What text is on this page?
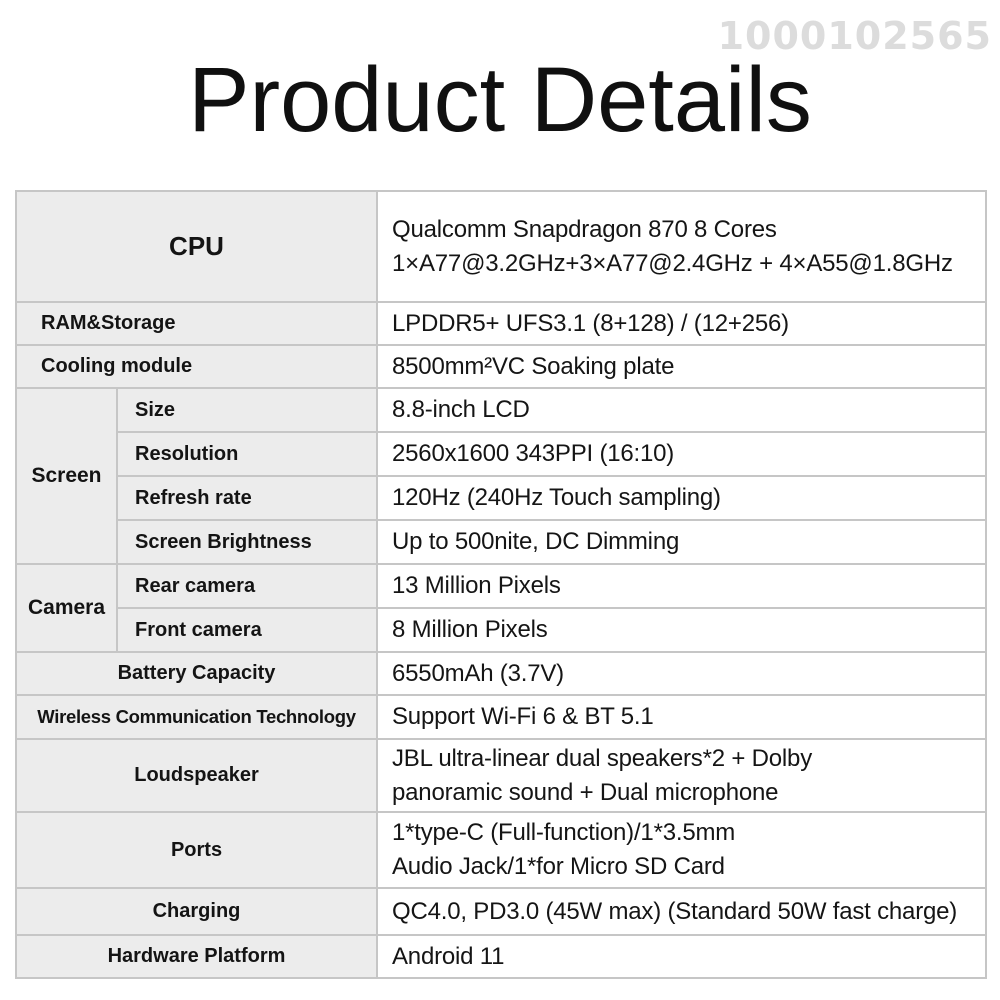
1000102565
Product Details
CPU		Qualcomm Snapdragon 870 8 Cores
1×A77@3.2GHz+3×A77@2.4GHz + 4×A55@1.8GHz

RAM&Storage		LPDDR5+ UFS3.1 (8+128) / (12+256)
Cooling module		8500mm²VC Soaking plate
Screen	Size	8.8-inch LCD
	Resolution	2560x1600 343PPI (16:10)
	Refresh rate	120Hz (240Hz Touch sampling)
	Screen Brightness	Up to 500nite, DC Dimming
Camera	Rear camera	13 Million Pixels
	Front camera	8 Million Pixels
Battery Capacity		6550mAh (3.7V)
Wireless Communication Technology		Support Wi-Fi 6 & BT 5.1
Loudspeaker		JBL ultra-linear dual speakers*2 + Dolby
panoramic sound + Dual microphone

Ports		1*type-C (Full-function)/1*3.5mm
Audio Jack/1*for Micro SD Card

Charging		QC4.0, PD3.0 (45W max) (Standard 50W fast charge)
Hardware Platform		Android 11
